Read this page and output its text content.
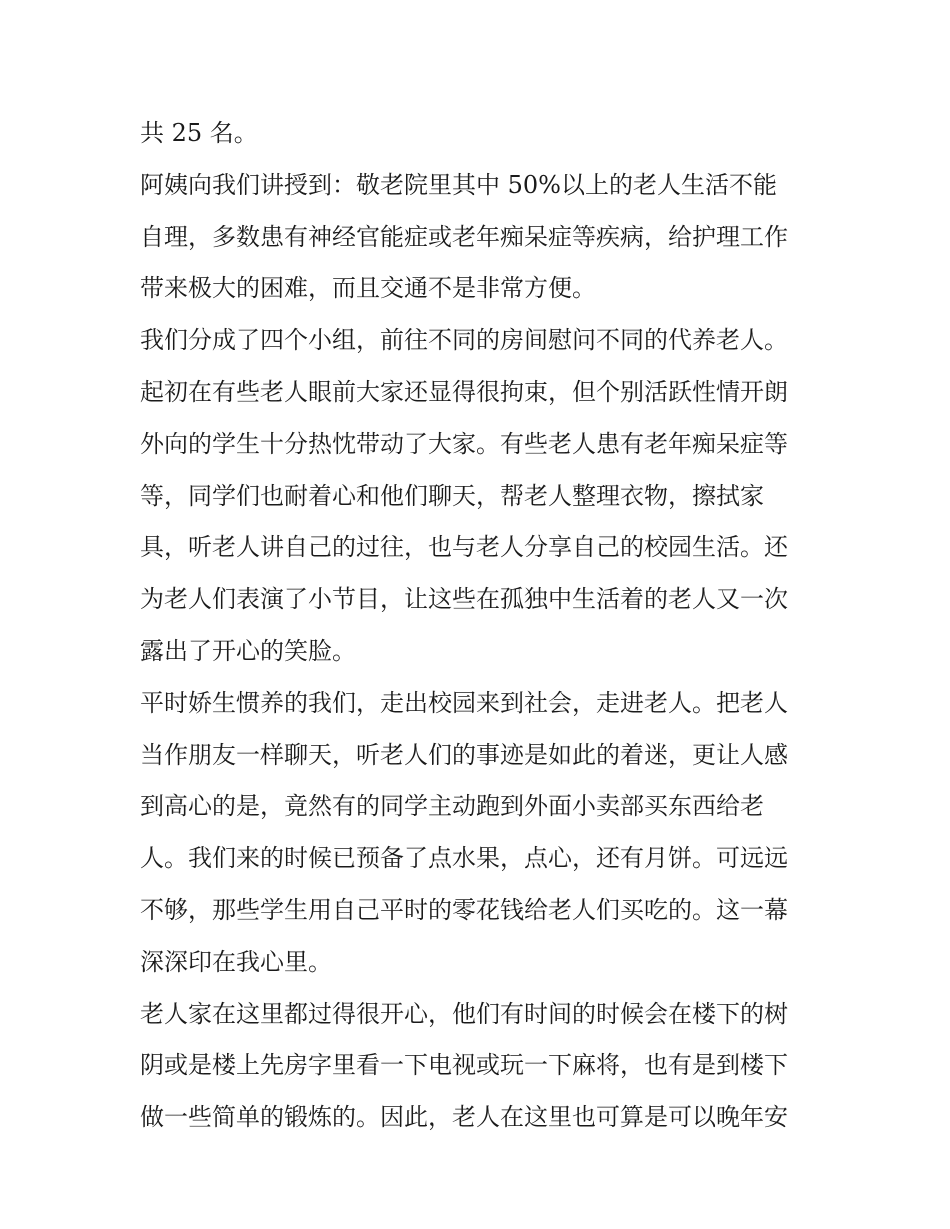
共 25 名。
阿姨向我们讲授到：敬老院里其中 50%以上的老人生活不能
自理，多数患有神经官能症或老年痴呆症等疾病，给护理工作
带来极大的困难，而且交通不是非常方便。
我们分成了四个小组，前往不同的房间慰问不同的代养老人。
起初在有些老人眼前大家还显得很拘束，但个别活跃性情开朗
外向的学生十分热忱带动了大家。有些老人患有老年痴呆症等
等，同学们也耐着心和他们聊天，帮老人整理衣物，擦拭家
具，听老人讲自己的过往，也与老人分享自己的校园生活。还
为老人们表演了小节目，让这些在孤独中生活着的老人又一次
露出了开心的笑脸。
平时娇生惯养的我们，走出校园来到社会，走进老人。把老人
当作朋友一样聊天，听老人们的事迹是如此的着迷，更让人感
到高心的是，竟然有的同学主动跑到外面小卖部买东西给老
人。我们来的时候已预备了点水果，点心，还有月饼。可远远
不够，那些学生用自己平时的零花钱给老人们买吃的。这一幕
深深印在我心里。
老人家在这里都过得很开心，他们有时间的时候会在楼下的树
阴或是楼上先房字里看一下电视或玩一下麻将，也有是到楼下
做一些简单的锻炼的。因此，老人在这里也可算是可以晚年安
